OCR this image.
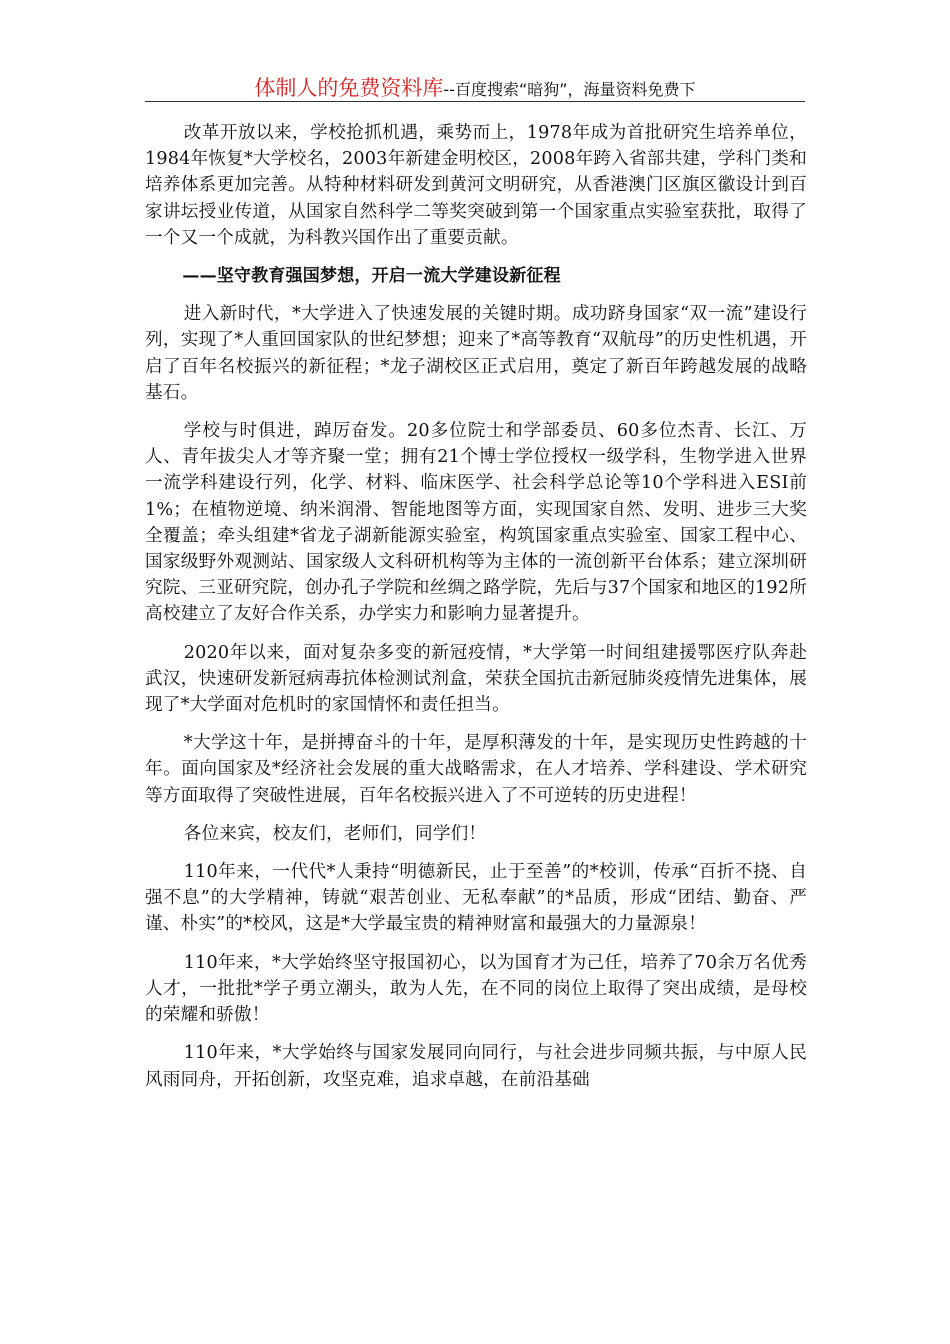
体制人的免费资料库--百度搜索“暗狗”，海量资料免费下

改革开放以来，学校抢抓机遇，乘势而上，1978年成为首批研究生培养单位，1984年恢复*大学校名，2003年新建金明校区，2008年跨入省部共建，学科门类和培养体系更加完善。从特种材料研发到黄河文明研究，从香港澳门区旗区徽设计到百家讲坛授业传道，从国家自然科学二等奖突破到第一个国家重点实验室获批，取得了一个又一个成就，为科教兴国作出了重要贡献。

——坚守教育强国梦想，开启一流大学建设新征程

进入新时代，*大学进入了快速发展的关键时期。成功跻身国家“双一流”建设行列，实现了*人重回国家队的世纪梦想；迎来了*高等教育“双航母”的历史性机遇，开启了百年名校振兴的新征程；*龙子湖校区正式启用，奠定了新百年跨越发展的战略基石。

学校与时俱进，踔厉奋发。20多位院士和学部委员、60多位杰青、长江、万人、青年拔尖人才等齐聚一堂；拥有21个博士学位授权一级学科，生物学进入世界一流学科建设行列，化学、材料、临床医学、社会科学总论等10个学科进入ESI前1%；在植物逆境、纳米润滑、智能地图等方面，实现国家自然、发明、进步三大奖全覆盖；牵头组建*省龙子湖新能源实验室，构筑国家重点实验室、国家工程中心、国家级野外观测站、国家级人文科研机构等为主体的一流创新平台体系；建立深圳研究院、三亚研究院，创办孔子学院和丝绸之路学院，先后与37个国家和地区的192所高校建立了友好合作关系，办学实力和影响力显著提升。

2020年以来，面对复杂多变的新冠疫情，*大学第一时间组建援鄂医疗队奔赴武汉，快速研发新冠病毒抗体检测试剂盒，荣获全国抗击新冠肺炎疫情先进集体，展现了*大学面对危机时的家国情怀和责任担当。

*大学这十年，是拼搏奋斗的十年，是厚积薄发的十年，是实现历史性跨越的十年。面向国家及*经济社会发展的重大战略需求，在人才培养、学科建设、学术研究等方面取得了突破性进展，百年名校振兴进入了不可逆转的历史进程！

各位来宾，校友们，老师们，同学们！

110年来，一代代*人秉持“明德新民，止于至善”的*校训，传承“百折不挠、自强不息”的大学精神，铸就“艰苦创业、无私奉献”的*品质，形成“团结、勤奋、严谨、朴实”的*校风，这是*大学最宝贵的精神财富和最强大的力量源泉！

110年来，*大学始终坚守报国初心，以为国育才为己任，培养了70余万名优秀人才，一批批*学子勇立潮头，敢为人先，在不同的岗位上取得了突出成绩，是母校的荣耀和骄傲！

110年来，*大学始终与国家发展同向同行，与社会进步同频共振，与中原人民风雨同舟，开拓创新，攻坚克难，追求卓越，在前沿基础
